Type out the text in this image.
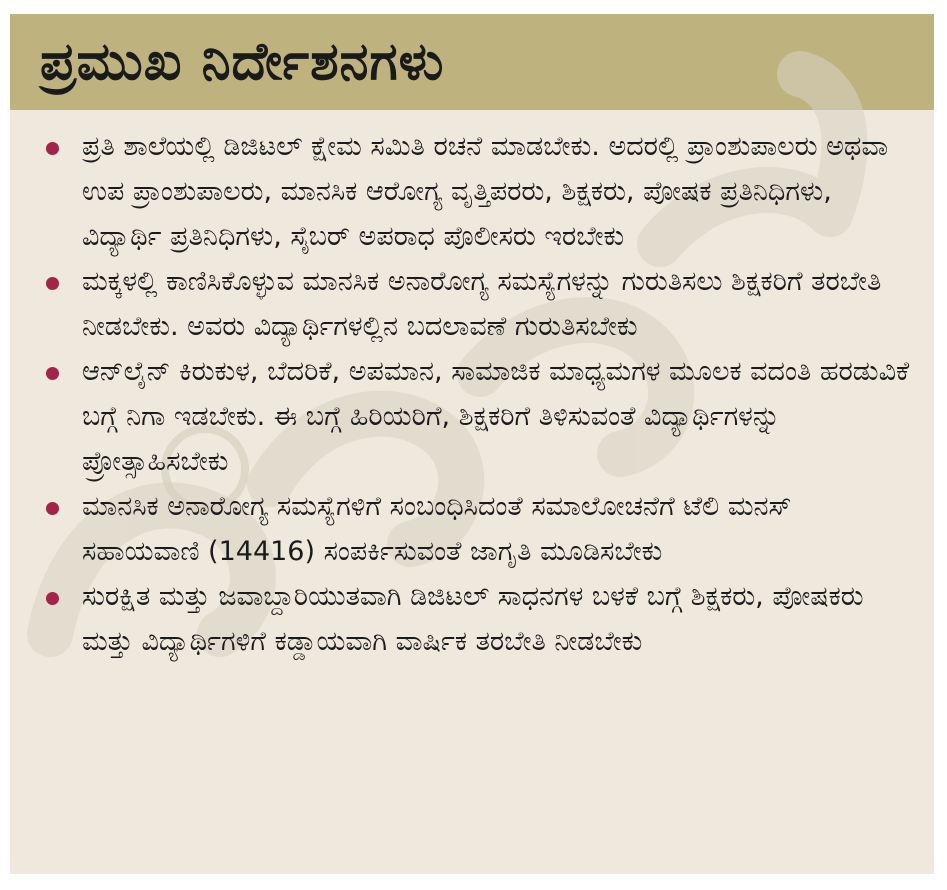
ಪ್ರಮುಖ ನಿರ್ದೇಶನಗಳು
ಪ್ರತಿ ಶಾಲೆಯಲ್ಲಿ ಡಿಜಿಟಲ್ ಕ್ಷೇಮ ಸಮಿತಿ ರಚನೆ ಮಾಡಬೇಕು. ಅದರಲ್ಲಿ ಪ್ರಾಂಶುಪಾಲರು ಅಥವಾ ಉಪ ಪ್ರಾಂಶುಪಾಲರು, ಮಾನಸಿಕ ಆರೋಗ್ಯ ವೃತ್ತಿಪರರು, ಶಿಕ್ಷಕರು, ಪೋಷಕ ಪ್ರತಿನಿಧಿಗಳು, ವಿದ್ಯಾರ್ಥಿ ಪ್ರತಿನಿಧಿಗಳು, ಸೈಬರ್ ಅಪರಾಧ ಪೊಲೀಸರು ಇರಬೇಕು
ಮಕ್ಕಳಲ್ಲಿ ಕಾಣಿಸಿಕೊಳ್ಳುವ ಮಾನಸಿಕ ಅನಾರೋಗ್ಯ ಸಮಸ್ಯೆಗಳನ್ನು ಗುರುತಿಸಲು ಶಿಕ್ಷಕರಿಗೆ ತರಬೇತಿ ನೀಡಬೇಕು. ಅವರು ವಿದ್ಯಾರ್ಥಿಗಳಲ್ಲಿನ ಬದಲಾವಣೆ ಗುರುತಿಸಬೇಕು
ಆನ್‌ಲೈನ್ ಕಿರುಕುಳ, ಬೆದರಿಕೆ, ಅಪಮಾನ, ಸಾಮಾಜಿಕ ಮಾಧ್ಯಮಗಳ ಮೂಲಕ ವದಂತಿ ಹರಡುವಿಕೆ ಬಗ್ಗೆ ನಿಗಾ ಇಡಬೇಕು. ಈ ಬಗ್ಗೆ ಹಿರಿಯರಿಗೆ, ಶಿಕ್ಷಕರಿಗೆ ತಿಳಿಸುವಂತೆ ವಿದ್ಯಾರ್ಥಿಗಳನ್ನು ಪ್ರೋತ್ಸಾಹಿಸಬೇಕು
ಮಾನಸಿಕ ಅನಾರೋಗ್ಯ ಸಮಸ್ಯೆಗಳಿಗೆ ಸಂಬಂಧಿಸಿದಂತೆ ಸಮಾಲೋಚನೆಗೆ ಟೆಲಿ ಮನಸ್ ಸಹಾಯವಾಣಿ (14416) ಸಂಪರ್ಕಿಸುವಂತೆ ಜಾಗೃತಿ ಮೂಡಿಸಬೇಕು
ಸುರಕ್ಷಿತ ಮತ್ತು ಜವಾಬ್ದಾರಿಯುತವಾಗಿ ಡಿಜಿಟಲ್ ಸಾಧನಗಳ ಬಳಕೆ ಬಗ್ಗೆ ಶಿಕ್ಷಕರು, ಪೋಷಕರು ಮತ್ತು ವಿದ್ಯಾರ್ಥಿಗಳಿಗೆ ಕಡ್ಡಾಯವಾಗಿ ವಾರ್ಷಿಕ ತರಬೇತಿ ನೀಡಬೇಕು
